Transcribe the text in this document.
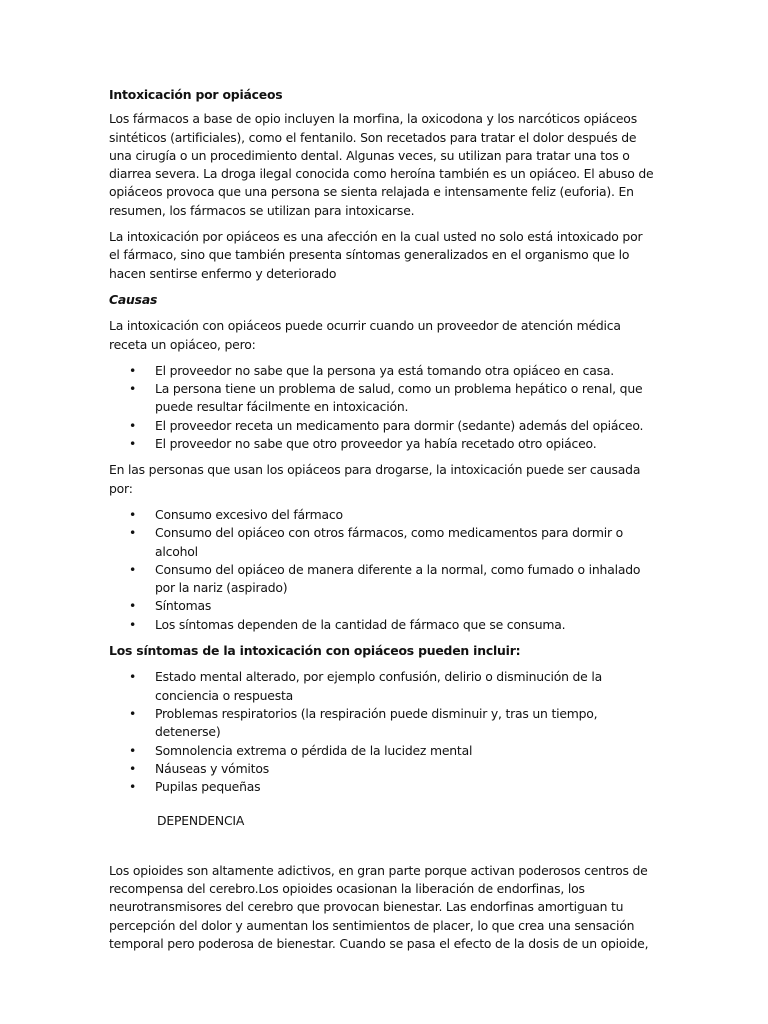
Intoxicación por opiáceos

Los fármacos a base de opio incluyen la morfina, la oxicodona y los narcóticos opiáceos sintéticos (artificiales), como el fentanilo. Son recetados para tratar el dolor después de una cirugía o un procedimiento dental. Algunas veces, su utilizan para tratar una tos o diarrea severa. La droga ilegal conocida como heroína también es un opiáceo. El abuso de opiáceos provoca que una persona se sienta relajada e intensamente feliz (euforia). En resumen, los fármacos se utilizan para intoxicarse.

La intoxicación por opiáceos es una afección en la cual usted no solo está intoxicado por el fármaco, sino que también presenta síntomas generalizados en el organismo que lo hacen sentirse enfermo y deteriorado

Causas

La intoxicación con opiáceos puede ocurrir cuando un proveedor de atención médica receta un opiáceo, pero:

• El proveedor no sabe que la persona ya está tomando otra opiáceo en casa.
• La persona tiene un problema de salud, como un problema hepático o renal, que puede resultar fácilmente en intoxicación.
• El proveedor receta un medicamento para dormir (sedante) además del opiáceo.
• El proveedor no sabe que otro proveedor ya había recetado otro opiáceo.

En las personas que usan los opiáceos para drogarse, la intoxicación puede ser causada por:

• Consumo excesivo del fármaco
• Consumo del opiáceo con otros fármacos, como medicamentos para dormir o alcohol
• Consumo del opiáceo de manera diferente a la normal, como fumado o inhalado por la nariz (aspirado)
• Síntomas
• Los síntomas dependen de la cantidad de fármaco que se consuma.
Los síntomas de la intoxicación con opiáceos pueden incluir:
• Estado mental alterado, por ejemplo confusión, delirio o disminución de la conciencia o respuesta
• Problemas respiratorios (la respiración puede disminuir y, tras un tiempo, detenerse)
• Somnolencia extrema o pérdida de la lucidez mental
• Náuseas y vómitos
• Pupilas pequeñas
DEPENDENCIA

Los opioides son altamente adictivos, en gran parte porque activan poderosos centros de recompensa del cerebro.Los opioides ocasionan la liberación de endorfinas, los neurotransmisores del cerebro que provocan bienestar. Las endorfinas amortiguan tu percepción del dolor y aumentan los sentimientos de placer, lo que crea una sensación temporal pero poderosa de bienestar. Cuando se pasa el efecto de la dosis de un opioide,
